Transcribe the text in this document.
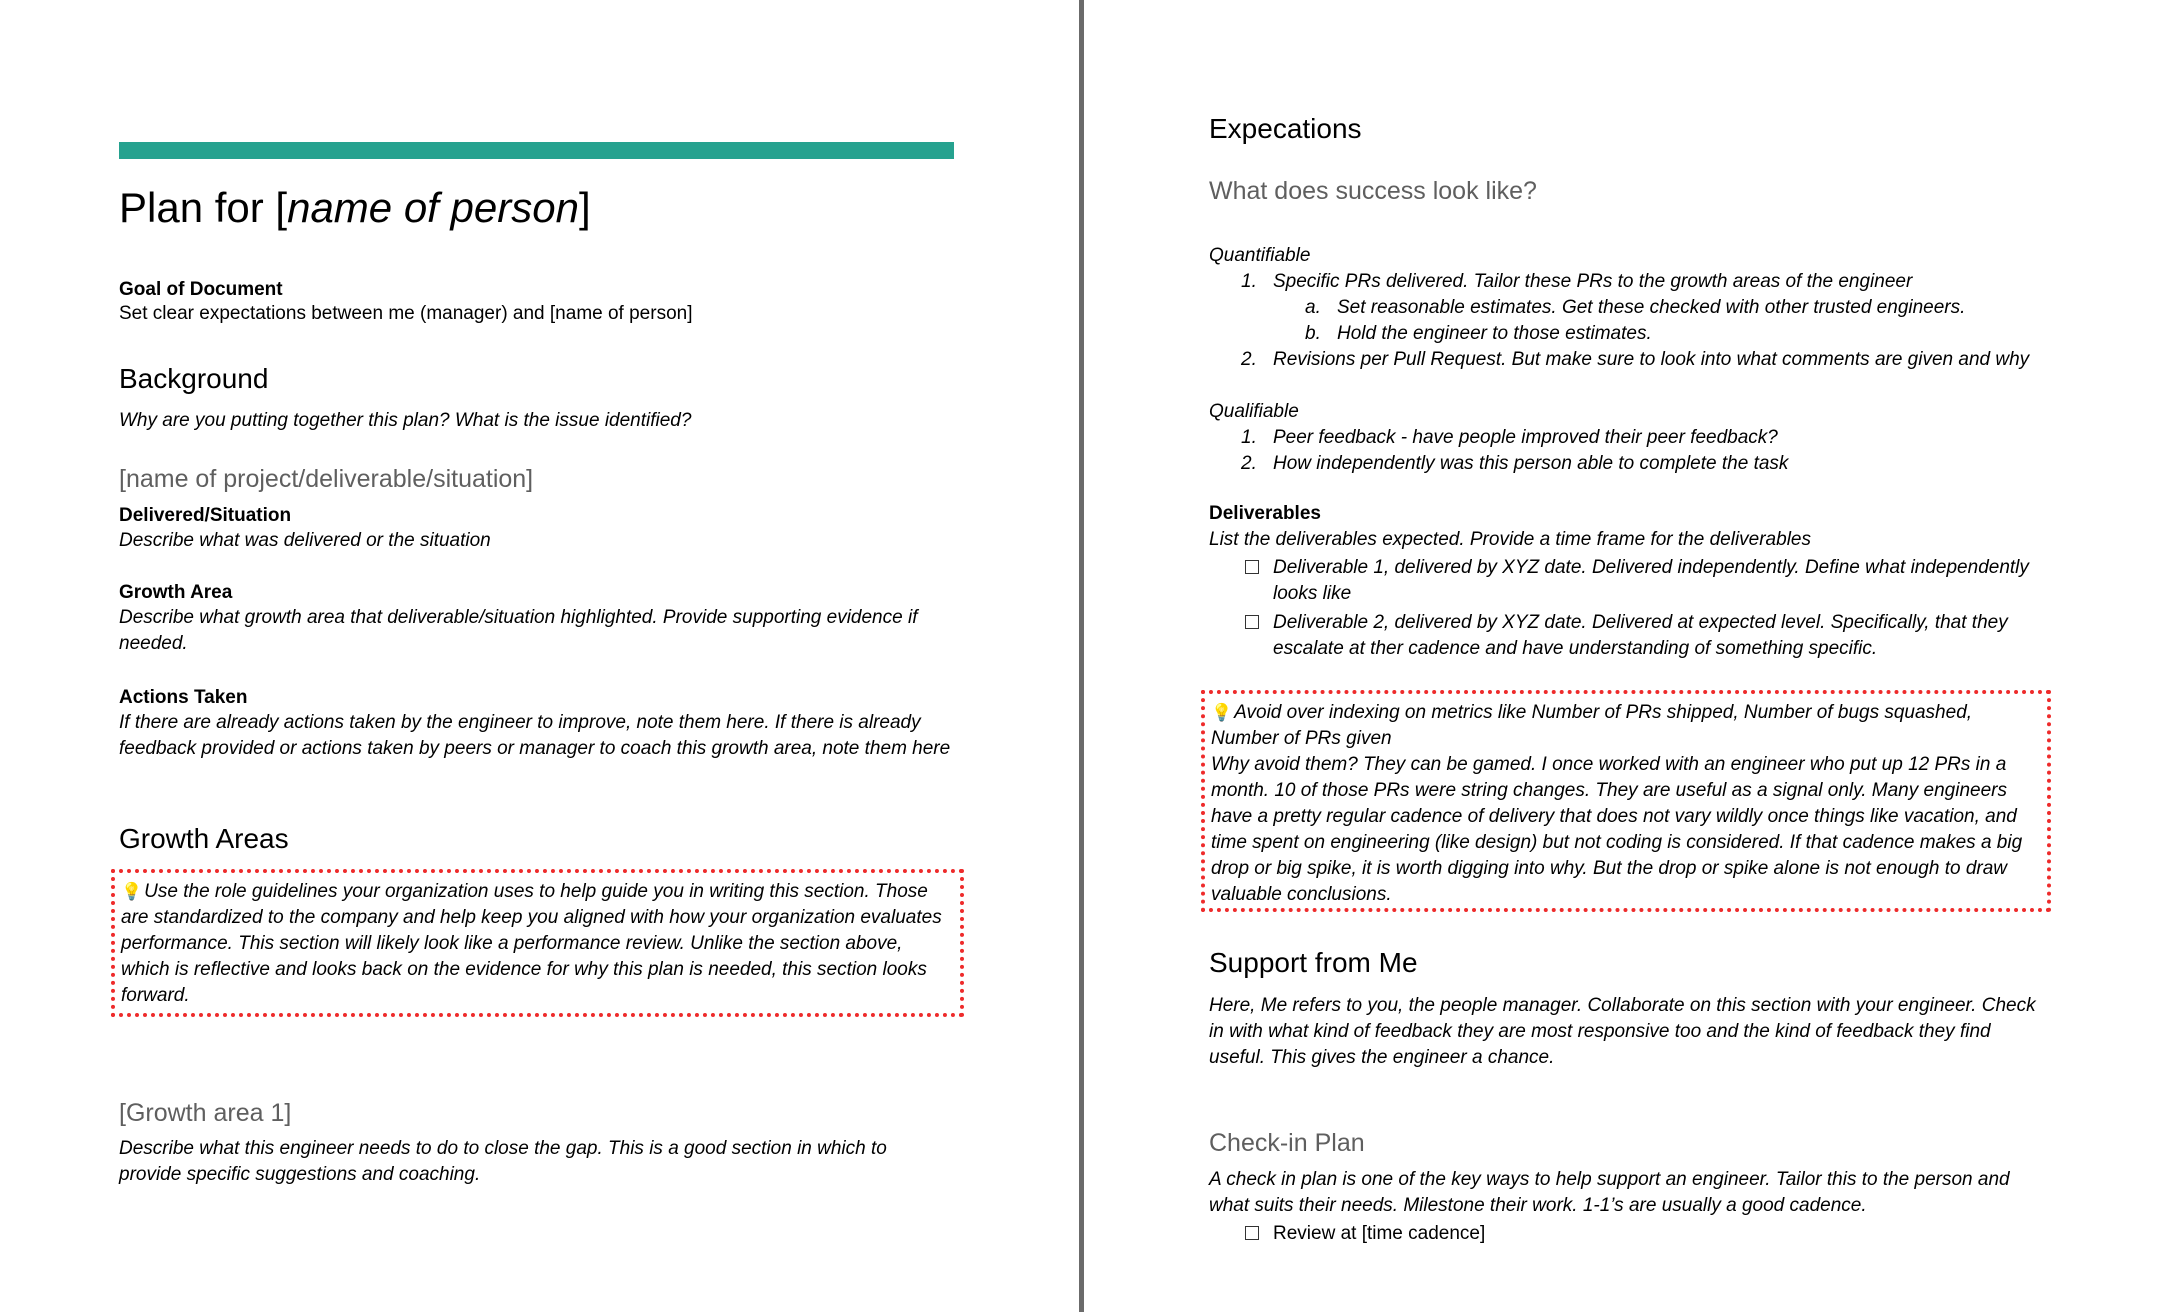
Plan for [name of person]
Goal of Document
Set clear expectations between me (manager) and [name of person]
Background
Why are you putting together this plan? What is the issue identified?
[name of project/deliverable/situation]
Delivered/Situation
Describe what was delivered or the situation
Growth Area
Describe what growth area that deliverable/situation highlighted. Provide supporting evidence if needed.
Actions Taken
If there are already actions taken by the engineer to improve, note them here. If there is already feedback provided or actions taken by peers or manager to coach this growth area, note them here
Growth Areas
💡 Use the role guidelines your organization uses to help guide you in writing this section. Those are standardized to the company and help keep you aligned with how your organization evaluates performance. This section will likely look like a performance review. Unlike the section above, which is reflective and looks back on the evidence for why this plan is needed, this section looks forward.
[Growth area 1]
Describe what this engineer needs to do to close the gap. This is a good section in which to provide specific suggestions and coaching.
Expecations
What does success look like?
Quantifiable
1. Specific PRs delivered. Tailor these PRs to the growth areas of the engineer
a. Set reasonable estimates. Get these checked with other trusted engineers.
b. Hold the engineer to those estimates.
2. Revisions per Pull Request. But make sure to look into what comments are given and why
Qualifiable
1. Peer feedback - have people improved their peer feedback?
2. How independently was this person able to complete the task
Deliverables
List the deliverables expected. Provide a time frame for the deliverables
Deliverable 1, delivered by XYZ date. Delivered independently. Define what independently looks like
Deliverable 2, delivered by XYZ date. Delivered at expected level. Specifically, that they escalate at ther cadence and have understanding of something specific.
💡 Avoid over indexing on metrics like Number of PRs shipped, Number of bugs squashed, Number of PRs given
Why avoid them? They can be gamed. I once worked with an engineer who put up 12 PRs in a month. 10 of those PRs were string changes. They are useful as a signal only. Many engineers have a pretty regular cadence of delivery that does not vary wildly once things like vacation, and time spent on engineering (like design) but not coding is considered. If that cadence makes a big drop or big spike, it is worth digging into why. But the drop or spike alone is not enough to draw valuable conclusions.
Support from Me
Here, Me refers to you, the people manager. Collaborate on this section with your engineer. Check in with what kind of feedback they are most responsive too and the kind of feedback they find useful. This gives the engineer a chance.
Check-in Plan
A check in plan is one of the key ways to help support an engineer. Tailor this to the person and what suits their needs. Milestone their work. 1-1’s are usually a good cadence.
Review at [time cadence]
